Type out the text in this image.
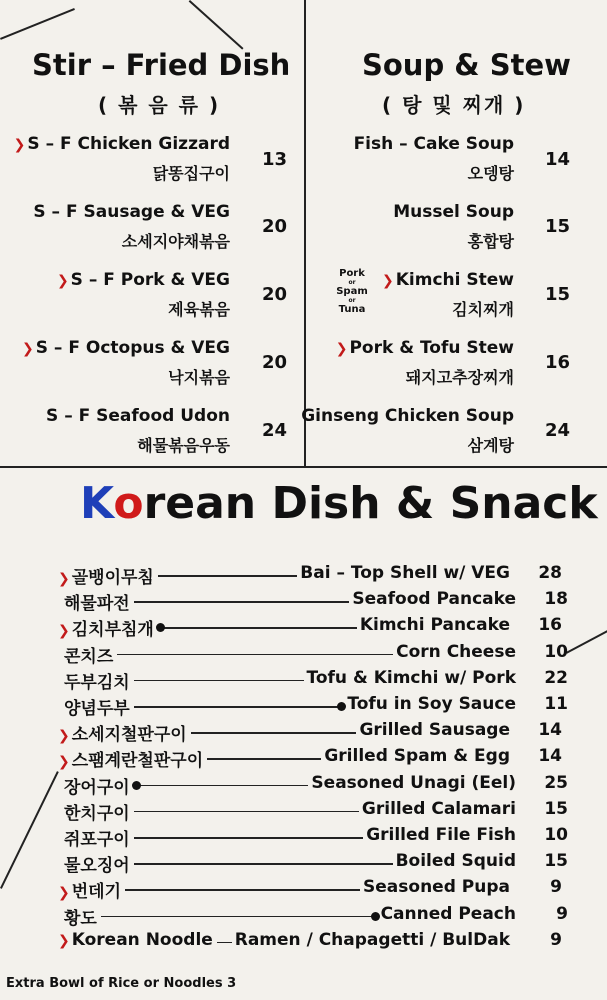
Stir – Fried Dish
( 볶 음 류 )
❯ S – F Chicken Gizzard
닭똥집구이
13
S – F Sausage & VEG
소세지야채볶음
20
❯ S – F Pork & VEG
제육볶음
20
❯ S – F Octopus & VEG
낙지볶음
20
S – F Seafood Udon
해물볶음우동
24
Soup & Stew
( 탕 및 찌개 )
Fish – Cake Soup
오뎅탕
14
Mussel Soup
홍합탕
15
Pork
or
Spam
or
Tuna
❯ Kimchi Stew
김치찌개
15
❯ Pork & Tofu Stew
돼지고추장찌개
16
Ginseng Chicken Soup
삼계탕
24
Korean Dish & Snack
❯ 골뱅이무침	Bai – Top Shell w/ VEG	28
해물파전	Seafood Pancake	18
❯ 김치부침개	Kimchi Pancake	16
콘치즈	Corn Cheese	10
두부김치	Tofu & Kimchi w/ Pork	22
양념두부	Tofu in Soy Sauce	11
❯ 소세지철판구이	Grilled Sausage	14
❯ 스팸계란철판구이	Grilled Spam & Egg	14
장어구이	Seasoned Unagi (Eel)	25
한치구이	Grilled Calamari	15
쥐포구이	Grilled File Fish	10
물오징어	Boiled Squid	15
❯ 번데기	Seasoned Pupa	9
황도	Canned Peach	9
❯ Korean Noodle Ramen / Chapagetti / BulDak	9
Extra Bowl of Rice or Noodles 3
